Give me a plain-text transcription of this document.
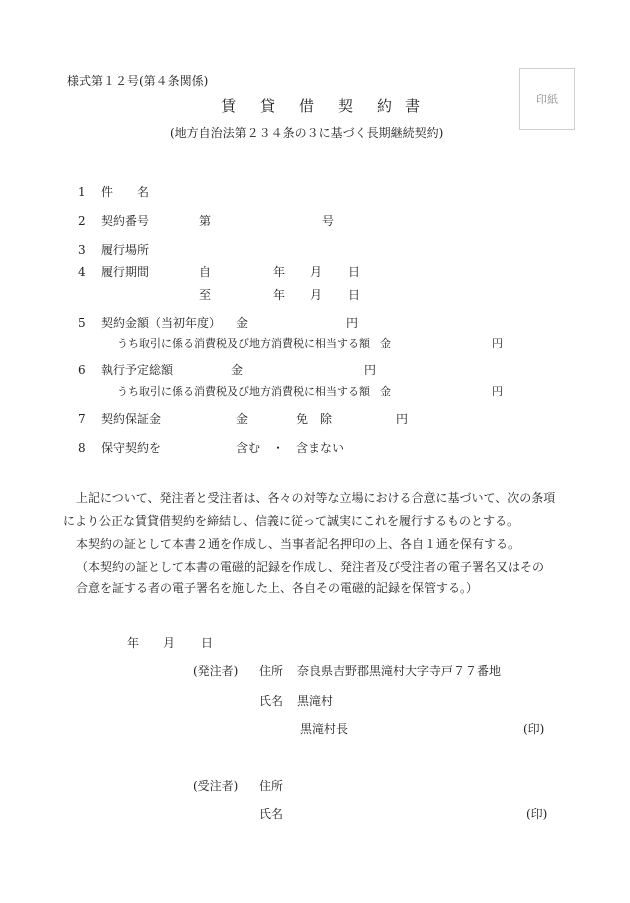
様式第１２号(第４条関係)
賃 貸 借 契 約 書
(地方自治法第２３４条の３に基づく長期継続契約)
印紙
1 件　　名
2 契約番号	第	号
3 履行場所
4 履行期間	自	年 月 日
至	年 月 日
5 契約金額（当初年度） 金	円
うち取引に係る消費税及び地方消費税に相当する額 金	円
6 執行予定総額	金	円
うち取引に係る消費税及び地方消費税に相当する額 金	円
7 契約保証金	金	免　除	円
8 保守契約を	含む　・　含まない
上記について、発注者と受注者は、各々の対等な立場における合意に基づいて、次の条項
により公正な賃貸借契約を締結し、信義に従って誠実にこれを履行するものとする。
本契約の証として本書２通を作成し、当事者記名押印の上、各自１通を保有する。
（本契約の証として本書の電磁的記録を作成し、発注者及び受注者の電子署名又はその
合意を証する者の電子署名を施した上、各自その電磁的記録を保管する。）
年 月 日
(発注者) 住所 奈良県吉野郡黒滝村大字寺戸７７番地
氏名 黒滝村
黒滝村長	(印)
(受注者) 住所
氏名	(印)
